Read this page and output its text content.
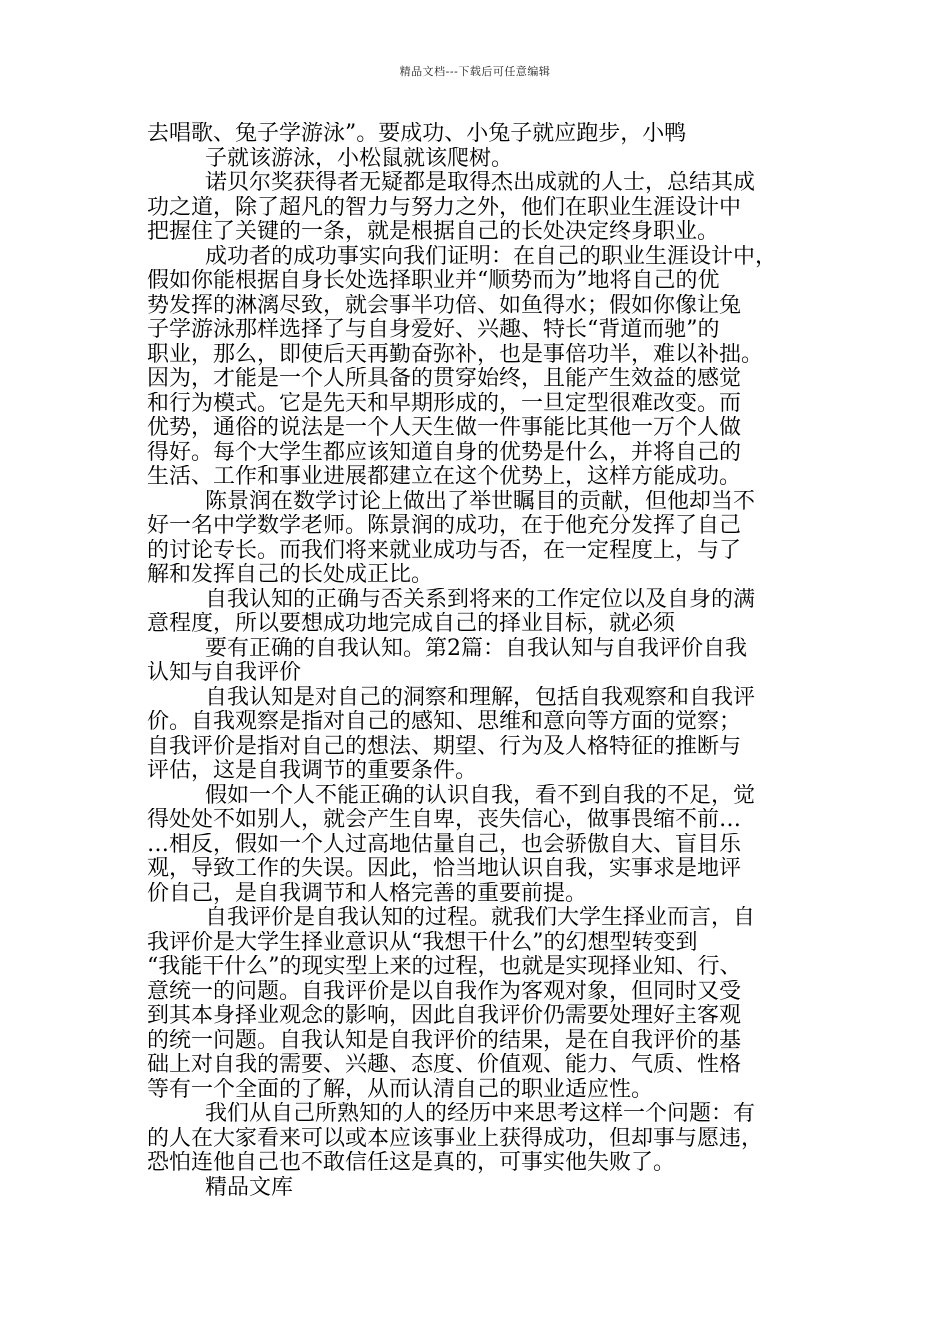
精品文档---下载后可任意编辑
去唱歌、兔子学游泳”。要成功、小兔子就应跑步，小鸭
子就该游泳，小松鼠就该爬树。
诺贝尔奖获得者无疑都是取得杰出成就的人士，总结其成
功之道，除了超凡的智力与努力之外，他们在职业生涯设计中
把握住了关键的一条，就是根据自己的长处决定终身职业。
成功者的成功事实向我们证明：在自己的职业生涯设计中，
假如你能根据自身长处选择职业并“顺势而为”地将自己的优
势发挥的淋漓尽致，就会事半功倍、如鱼得水；假如你像让兔
子学游泳那样选择了与自身爱好、兴趣、特长“背道而驰”的
职业，那么，即使后天再勤奋弥补，也是事倍功半，难以补拙。
因为，才能是一个人所具备的贯穿始终，且能产生效益的感觉
和行为模式。它是先天和早期形成的，一旦定型很难改变。而
优势，通俗的说法是一个人天生做一件事能比其他一万个人做
得好。每个大学生都应该知道自身的优势是什么，并将自己的
生活、工作和事业进展都建立在这个优势上，这样方能成功。
陈景润在数学讨论上做出了举世瞩目的贡献，但他却当不
好一名中学数学老师。陈景润的成功，在于他充分发挥了自己
的讨论专长。而我们将来就业成功与否，在一定程度上，与了
解和发挥自己的长处成正比。
自我认知的正确与否关系到将来的工作定位以及自身的满
意程度，所以要想成功地完成自己的择业目标，就必须
要有正确的自我认知。第2篇：自我认知与自我评价自我
认知与自我评价
自我认知是对自己的洞察和理解，包括自我观察和自我评
价。自我观察是指对自己的感知、思维和意向等方面的觉察；
自我评价是指对自己的想法、期望、行为及人格特征的推断与
评估，这是自我调节的重要条件。
假如一个人不能正确的认识自我，看不到自我的不足，觉
得处处不如别人，就会产生自卑，丧失信心，做事畏缩不前…
…相反，假如一个人过高地估量自己，也会骄傲自大、盲目乐
观，导致工作的失误。因此，恰当地认识自我，实事求是地评
价自己，是自我调节和人格完善的重要前提。
自我评价是自我认知的过程。就我们大学生择业而言，自
我评价是大学生择业意识从“我想干什么”的幻想型转变到
“我能干什么”的现实型上来的过程，也就是实现择业知、行、
意统一的问题。自我评价是以自我作为客观对象，但同时又受
到其本身择业观念的影响，因此自我评价仍需要处理好主客观
的统一问题。自我认知是自我评价的结果，是在自我评价的基
础上对自我的需要、兴趣、态度、价值观、能力、气质、性格
等有一个全面的了解，从而认清自己的职业适应性。
我们从自己所熟知的人的经历中来思考这样一个问题：有
的人在大家看来可以或本应该事业上获得成功，但却事与愿违，
恐怕连他自己也不敢信任这是真的，可事实他失败了。
精品文库
